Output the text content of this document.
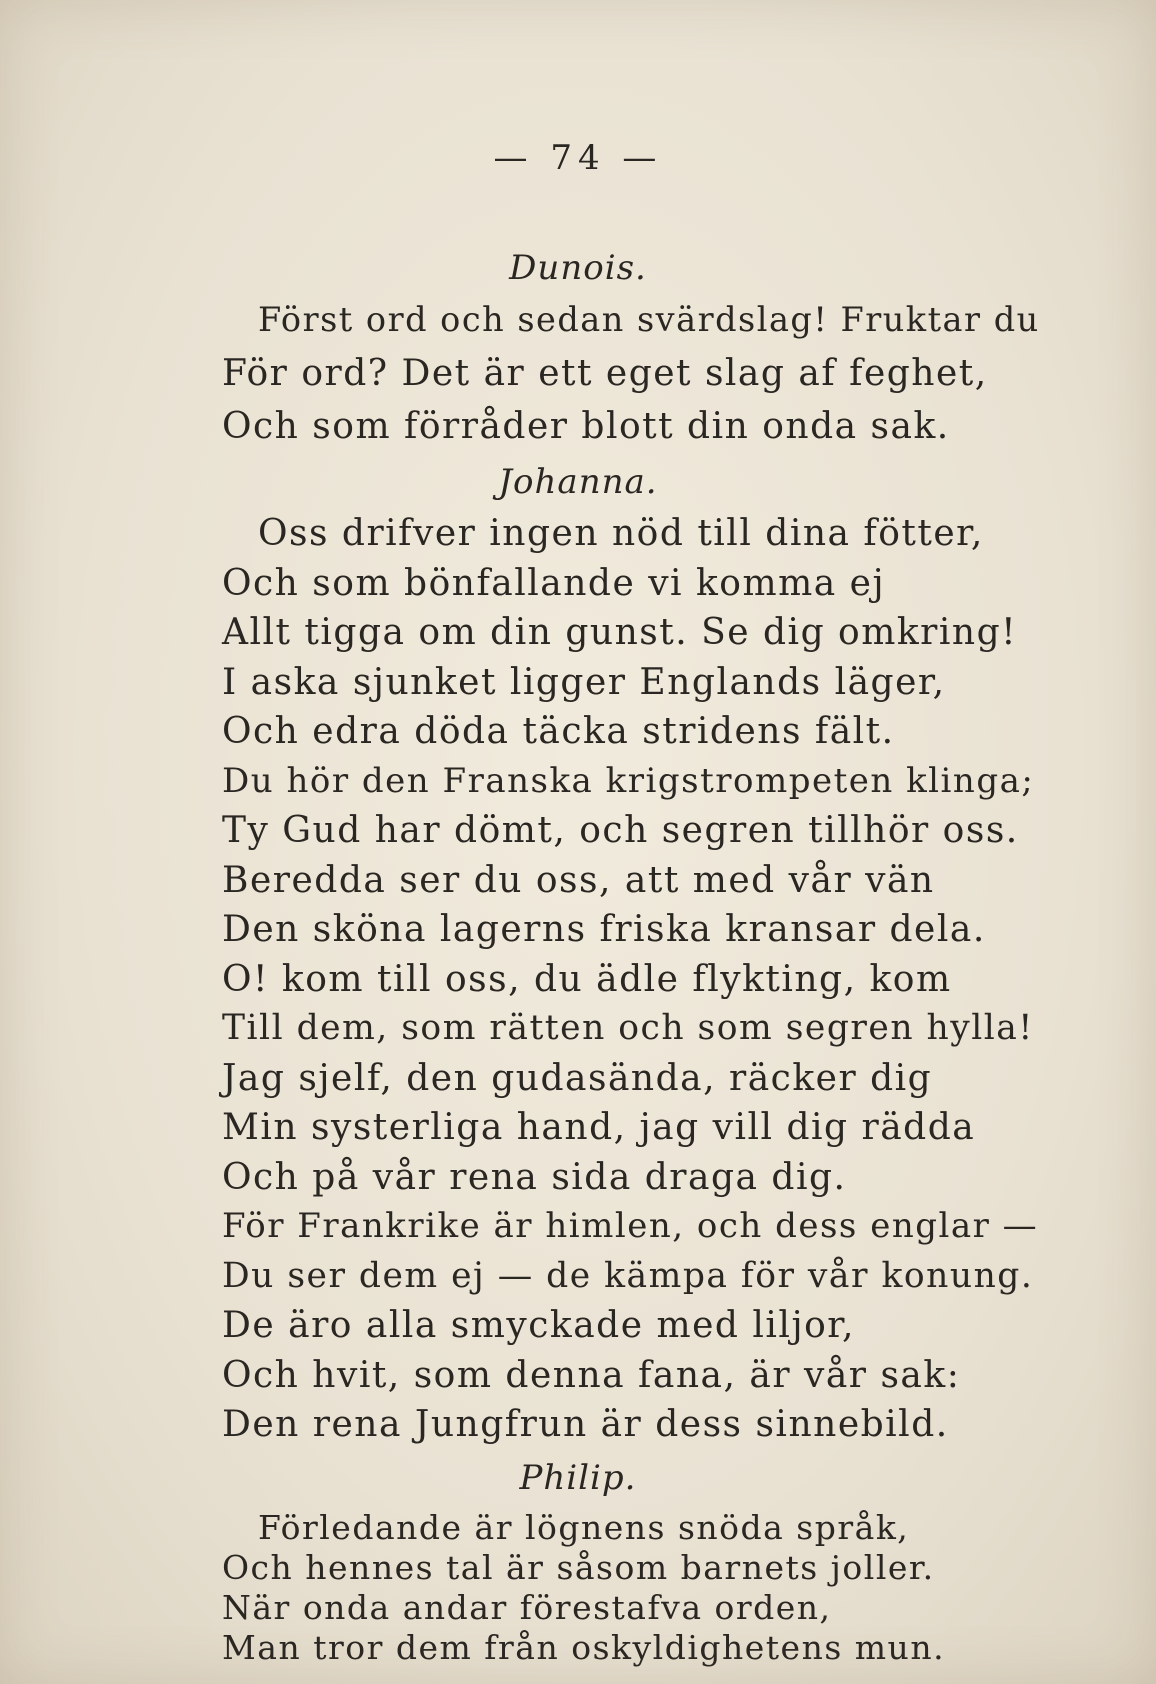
— 74 —
Dunois.
Först ord och sedan svärdslag! Fruktar du
För ord? Det är ett eget slag af feghet,
Och som förråder blott din onda sak.
Johanna.
Oss drifver ingen nöd till dina fötter,
Och som bönfallande vi komma ej
Allt tigga om din gunst. Se dig omkring!
I aska sjunket ligger Englands läger,
Och edra döda täcka stridens fält.
Du hör den Franska krigstrompeten klinga;
Ty Gud har dömt, och segren tillhör oss.
Beredda ser du oss, att med vår vän
Den sköna lagerns friska kransar dela.
O! kom till oss, du ädle flykting, kom
Till dem, som rätten och som segren hylla!
Jag sjelf, den gudasända, räcker dig
Min systerliga hand, jag vill dig rädda
Och på vår rena sida draga dig.
För Frankrike är himlen, och dess englar —
Du ser dem ej — de kämpa för vår konung.
De äro alla smyckade med liljor,
Och hvit, som denna fana, är vår sak:
Den rena Jungfrun är dess sinnebild.
Philip.
Förledande är lögnens snöda språk,
Och hennes tal är såsom barnets joller.
När onda andar förestafva orden,
Man tror dem från oskyldighetens mun.
